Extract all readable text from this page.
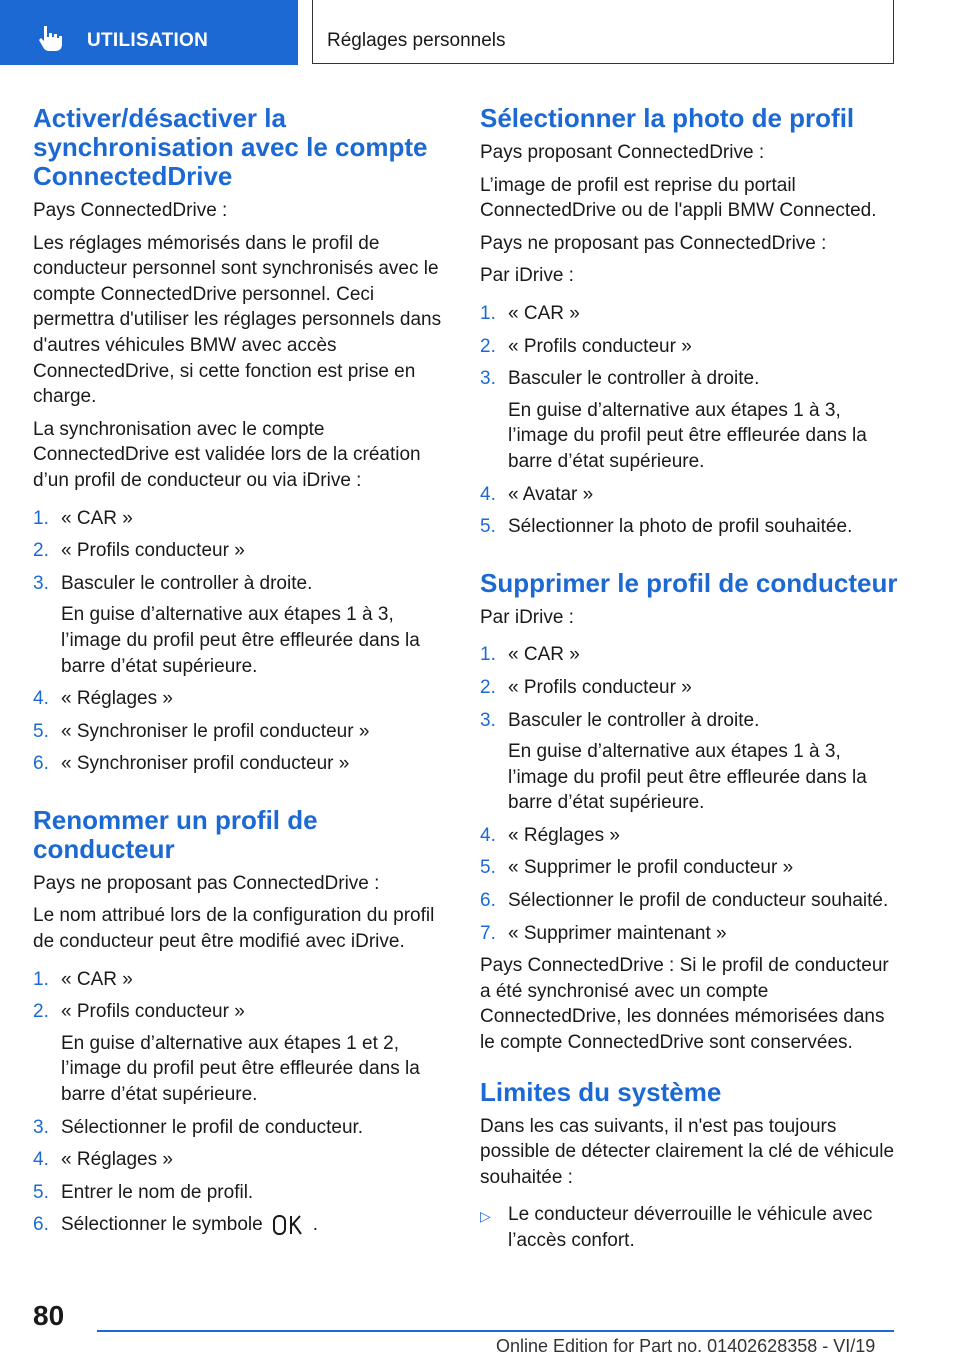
UTILISATION	Réglages personnels
Activer/désactiver la synchronisation avec le compte ConnectedDrive

Pays ConnectedDrive :

Les réglages mémorisés dans le profil de conducteur personnel sont synchronisés avec le compte ConnectedDrive personnel. Ceci permettra d'utiliser les réglages personnels dans d'autres véhicules BMW avec accès ConnectedDrive, si cette fonction est prise en charge.

La synchronisation avec le compte ConnectedDrive est validée lors de la création d’un profil de conducteur ou via iDrive :

1. « CAR »
2. « Profils conducteur »
3. Basculer le controller à droite.
En guise d’alternative aux étapes 1 à 3, l’image du profil peut être effleurée dans la barre d’état supérieure.
4. « Réglages »
5. « Synchroniser le profil conducteur »
6. « Synchroniser profil conducteur »
Renommer un profil de conducteur

Pays ne proposant pas ConnectedDrive :

Le nom attribué lors de la configuration du profil de conducteur peut être modifié avec iDrive.

1. « CAR »
2. « Profils conducteur »
En guise d’alternative aux étapes 1 et 2, l’image du profil peut être effleurée dans la barre d’état supérieure.
3. Sélectionner le profil de conducteur.
4. « Réglages »
5. Entrer le nom de profil.
6. Sélectionner le symbole	.
Sélectionner la photo de profil

Pays proposant ConnectedDrive :

L’image de profil est reprise du portail ConnectedDrive ou de l'appli BMW Connected.

Pays ne proposant pas ConnectedDrive :

Par iDrive :

1. « CAR »
2. « Profils conducteur »
3. Basculer le controller à droite.
En guise d’alternative aux étapes 1 à 3, l’image du profil peut être effleurée dans la barre d’état supérieure.
4. « Avatar »
5. Sélectionner la photo de profil souhaitée.
Supprimer le profil de conducteur

Par iDrive :

1. « CAR »
2. « Profils conducteur »
3. Basculer le controller à droite.
En guise d’alternative aux étapes 1 à 3, l’image du profil peut être effleurée dans la barre d’état supérieure.
4. « Réglages »
5. « Supprimer le profil conducteur »
6. Sélectionner le profil de conducteur souhaité.
7. « Supprimer maintenant »

Pays ConnectedDrive : Si le profil de conducteur a été synchronisé avec un compte ConnectedDrive, les données mémorisées dans le compte ConnectedDrive sont conservées.

Limites du système

Dans les cas suivants, il n'est pas toujours possible de détecter clairement la clé de véhicule souhaitée :

▷ Le conducteur déverrouille le véhicule avec l’accès confort.
80
Online Edition for Part no. 01402628358 - VI/19
